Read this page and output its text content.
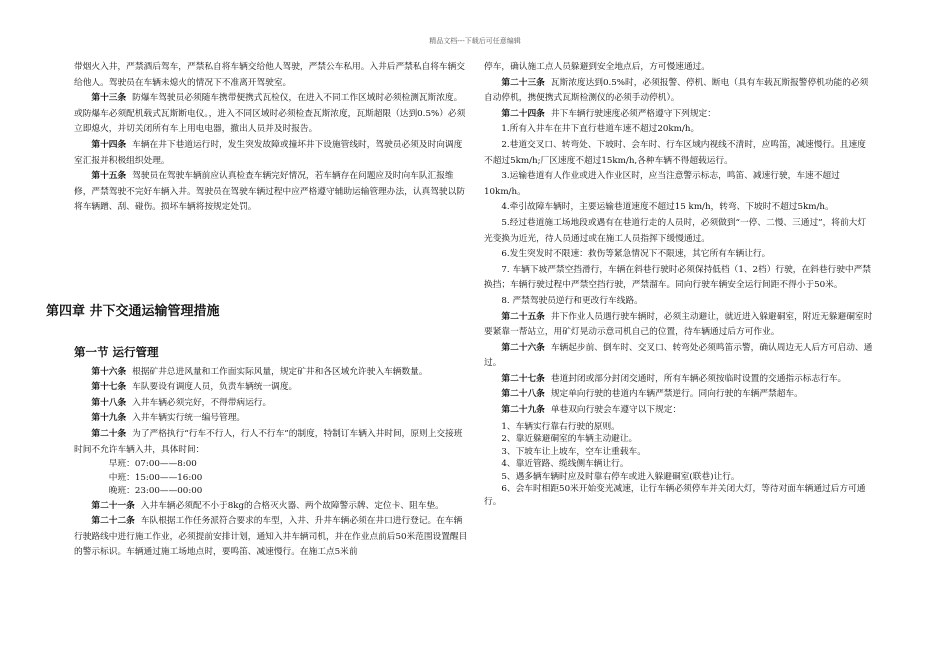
精品文档---下载后可任意编辑

带烟火入井，严禁酒后驾车，严禁私自将车辆交给他人驾驶，严禁公车私用。入井后严禁私自将车辆交给他人。驾驶员在车辆未熄火的情况下不准离开驾驶室。

第十三条 防爆车驾驶员必须随车携带便携式瓦检仪，在进入不同工作区域时必须检测瓦斯浓度。或防爆车必须配机载式瓦斯断电仪。，进入不同区域时必须检查瓦斯浓度，瓦斯超限（达到0.5%）必须立即熄火，并切关闭所有车上用电电器，撤出人员并及时报告。

第十四条 车辆在井下巷道运行时，发生突发故障或撞坏井下设施管线时，驾驶员必须及时向调度室汇报并积极组织处理。

第十五条 驾驶员在驾驶车辆前应认真检查车辆完好情况，若车辆存在问题应及时向车队汇报维修，严禁驾驶不完好车辆入井。驾驶员在驾驶车辆过程中应严格遵守辅助运输管理办法，认真驾驶以防将车辆蹭、刮、碰伤。损坏车辆将按规定处罚。

第四章 井下交通运输管理措施

第一节 运行管理

第十六条 根据矿井总进风量和工作面实际风量，规定矿井和各区域允许驶入车辆数量。

第十七条 车队要设有调度人员，负责车辆统一调度。

第十八条 入井车辆必须完好，不得带病运行。

第十九条 入井车辆实行统一编号管理。

第二十条 为了严格执行“行车不行人，行人不行车”的制度，特制订车辆入井时间，原则上交接班时间不允许车辆入井，具体时间：

早班：07:00——8:00
中班：15:00——16:00
晚班：23:00——00:00

第二十一条 入井车辆必须配不小于8kg的合格灭火器、两个故障警示牌、定位卡、阻车垫。

第二十二条 车队根据工作任务派符合要求的车型，入井、升井车辆必须在井口进行登记。在车辆行驶路线中进行施工作业，必须提前安排计划，通知入井车辆司机，并在作业点前后50米范围设置醒目的警示标识。车辆通过施工场地点时，要鸣笛、减速慢行。在施工点5米前

停车，确认施工点人员躲避到安全地点后，方可慢速通过。

第二十三条 瓦斯浓度达到0.5%时，必须报警、停机、断电（具有车载瓦斯报警停机功能的必须自动停机，携便携式瓦斯检测仪的必须手动停机）。

第二十四条 井下车辆行驶速度必须严格遵守下列规定：

1.所有入井车在井下直行巷道车速不超过20km/h。

2.巷道交叉口、转弯处、下坡时、会车时、行车区域内视线不清时，应鸣笛，减速慢行。且速度不超过5km/h;厂区速度不超过15km/h,各种车辆不得超载运行。

3.运输巷道有人作业或进入作业区时，应当注意警示标志，鸣笛、减速行驶，车速不超过10km/h。

4.牵引故障车辆时，主要运输巷道速度不超过15 km/h，转弯、下坡时不超过5km/h。

5.经过巷道施工场地段或遇有在巷道行走的人员时，必须做到“一停、二慢、三通过”，将前大灯光变换为近光，待人员通过或在施工人员指挥下缓慢通过。

6.发生突发时不限速：救伤等紧急情况下不限速，其它所有车辆让行。

7. 车辆下坡严禁空挡滑行，车辆在斜巷行驶时必须保持低档（1、2档）行驶，在斜巷行驶中严禁换挡；车辆行驶过程中严禁空挡行驶，严禁溜车。同向行驶车辆安全运行间距不得小于50米。

8. 严禁驾驶员逆行和更改行车线路。

第二十五条 井下作业人员遇行驶车辆时，必须主动避让，就近进入躲避硐室，附近无躲避硐室时要紧靠一帮站立，用矿灯晃动示意司机自己的位置，待车辆通过后方可作业。

第二十六条 车辆起步前、倒车时、交叉口、转弯处必须鸣笛示警，确认周边无人后方可启动、通过。

第二十七条 巷道封闭或部分封闭交通时，所有车辆必须按临时设置的交通指示标志行车。

第二十八条 规定单向行驶的巷道内车辆严禁逆行。同向行驶的车辆严禁超车。

第二十九条 单巷双向行驶会车遵守以下规定：

1、车辆实行靠右行驶的原则。

2、靠近躲避硐室的车辆主动避让。

3、下坡车让上坡车，空车让重载车。

4、靠近管路、缆线侧车辆让行。

5、遇多辆车辆时应及时靠右停车或进入躲避硐室(联巷)让行。

6、会车时相距50米开始变光减速，让行车辆必须停车并关闭大灯，等待对面车辆通过后方可通行。
